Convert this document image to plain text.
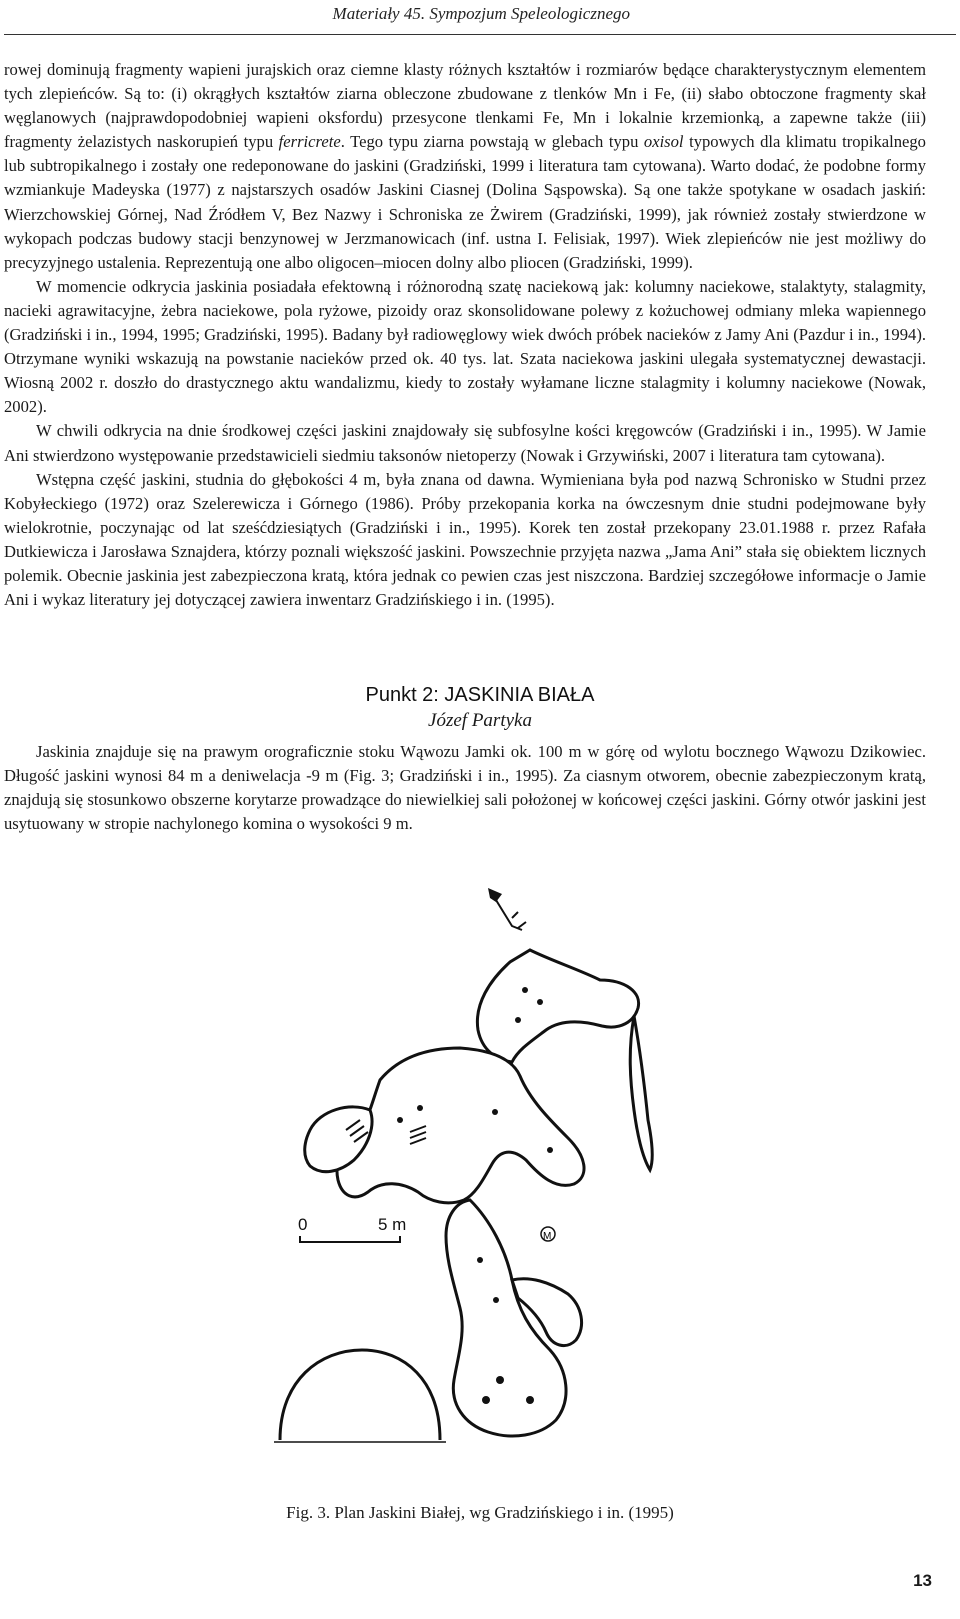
Materiały 45. Sympozjum Speleologicznego

rowej dominują fragmenty wapieni jurajskich oraz ciemne klasty różnych kształtów i rozmiarów będące charakterystycznym elementem tych zlepieńców. Są to: (i) okrągłych kształtów ziarna obleczone zbudowane z tlenków Mn i Fe, (ii) słabo obtoczone fragmenty skał węglanowych (najprawdopodobniej wapieni oksfordu) przesycone tlenkami Fe, Mn i lokalnie krzemionką, a zapewne także (iii) fragmenty żelazistych naskorupień typu ferricrete. Tego typu ziarna powstają w glebach typu oxisol typowych dla klimatu tropikalnego lub subtropikalnego i zostały one redeponowane do jaskini (Gradziński, 1999 i literatura tam cytowana). Warto dodać, że podobne formy wzmiankuje Madeyska (1977) z najstarszych osadów Jaskini Ciasnej (Dolina Sąspowska). Są one także spotykane w osadach jaskiń: Wierzchowskiej Górnej, Nad Źródłem V, Bez Nazwy i Schroniska ze Żwirem (Gradziński, 1999), jak również zostały stwierdzone w wykopach podczas budowy stacji benzynowej w Jerzmanowicach (inf. ustna I. Felisiak, 1997). Wiek zlepieńców nie jest możliwy do precyzyjnego ustalenia. Reprezentują one albo oligocen–miocen dolny albo pliocen (Gradziński, 1999).

W momencie odkrycia jaskinia posiadała efektowną i różnorodną szatę naciekową jak: kolumny naciekowe, stalaktyty, stalagmity, nacieki agrawitacyjne, żebra naciekowe, pola ryżowe, pizoidy oraz skonsolidowane polewy z kożuchowej odmiany mleka wapiennego (Gradziński i in., 1994, 1995; Gradziński, 1995). Badany był radiowęglowy wiek dwóch próbek nacieków z Jamy Ani (Pazdur i in., 1994). Otrzymane wyniki wskazują na powstanie nacieków przed ok. 40 tys. lat. Szata naciekowa jaskini ulegała systematycznej dewastacji. Wiosną 2002 r. doszło do drastycznego aktu wandalizmu, kiedy to zostały wyłamane liczne stalagmity i kolumny naciekowe (Nowak, 2002).

W chwili odkrycia na dnie środkowej części jaskini znajdowały się subfosylne kości kręgowców (Gradziński i in., 1995). W Jamie Ani stwierdzono występowanie przedstawicieli siedmiu taksonów nietoperzy (Nowak i Grzywiński, 2007 i literatura tam cytowana).

Wstępna część jaskini, studnia do głębokości 4 m, była znana od dawna. Wymieniana była pod nazwą Schronisko w Studni przez Kobyłeckiego (1972) oraz Szelerewicza i Górnego (1986). Próby przekopania korka na ówczesnym dnie studni podejmowane były wielokrotnie, poczynając od lat sześćdziesiątych (Gradziński i in., 1995). Korek ten został przekopany 23.01.1988 r. przez Rafała Dutkiewicza i Jarosława Sznajdera, którzy poznali większość jaskini. Powszechnie przyjęta nazwa „Jama Ani” stała się obiektem licznych polemik. Obecnie jaskinia jest zabezpieczona kratą, która jednak co pewien czas jest niszczona. Bardziej szczegółowe informacje o Jamie Ani i wykaz literatury jej dotyczącej zawiera inwentarz Gradzińskiego i in. (1995).

Punkt 2: JASKINIA BIAŁA
Józef Partyka

Jaskinia znajduje się na prawym orograficznie stoku Wąwozu Jamki ok. 100 m w górę od wylotu bocznego Wąwozu Dzikowiec. Długość jaskini wynosi 84 m a deniwelacja -9 m (Fig. 3; Gradziński i in., 1995). Za ciasnym otworem, obecnie zabezpieczonym kratą, znajdują się stosunkowo obszerne korytarze prowadzące do niewielkiej sali położonej w końcowej części jaskini. Górny otwór jaskini jest usytuowany w stropie nachylonego komina o wysokości 9 m.

0	5 m
M
Fig. 3. Plan Jaskini Białej, wg Gradzińskiego i in. (1995)
13
